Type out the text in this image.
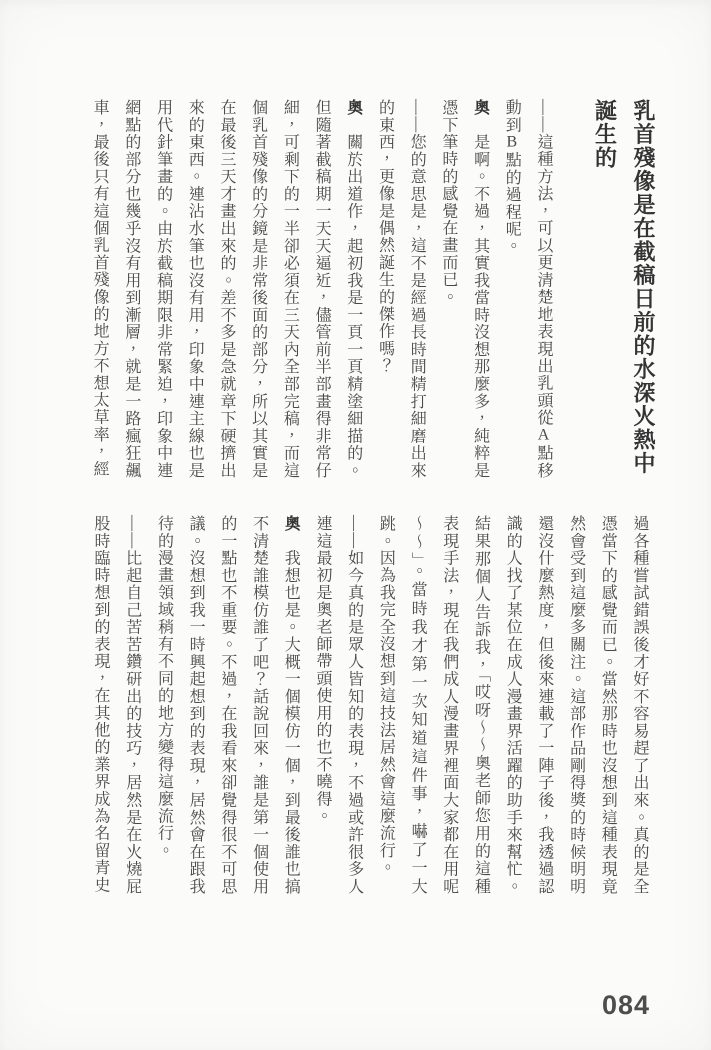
乳首殘像是在截稿日前的水深火熱中誕生的

——這種方法，可以更清楚地表現出乳頭從A點移動到B點的過程呢。

奧　是啊。不過，其實我當時沒想那麼多，純粹是憑下筆時的感覺在畫而已。

——您的意思是，這不是經過長時間精打細磨出來的東西，更像是偶然誕生的傑作嗎？

奧　關於出道作，起初我是一頁一頁精塗細描的。但隨著截稿期一天天逼近，儘管前半部畫得非常仔細，可剩下的一半卻必須在三天內全部完稿，而這個乳首殘像的分鏡是非常後面的部分，所以其實是在最後三天才畫出來的。差不多是急就章下硬擠出來的東西。連沾水筆也沒有用，印象中連主線也是用代針筆畫的。由於截稿期限非常緊迫，印象中連網點的部分也幾乎沒有用到漸層，就是一路瘋狂飆車，最後只有這個乳首殘像的地方不想太草率，經

過各種嘗試錯誤後才好不容易趕了出來。真的是全憑當下的感覺而已。當然那時也沒想到這種表現竟然會受到這麼多關注。這部作品剛得獎的時候明明還沒什麼熱度，但後來連載了一陣子後，我透過認識的人找了某位在成人漫畫界活躍的助手來幫忙。結果那個人告訴我，「哎呀～～奧老師您用的這種表現手法，現在我們成人漫畫界裡面大家都在用呢～～」。當時我才第一次知道這件事，嚇了一大跳。因為我完全沒想到這技法居然會這麼流行。

——如今真的是眾人皆知的表現，不過或許很多人連這最初是奧老師帶頭使用的也不曉得。

奧　我想也是。大概一個模仿一個，到最後誰也搞不清楚誰模仿誰了吧？話說回來，誰是第一個使用的一點也不重要。不過，在我看來卻覺得很不可思議。沒想到我一時興起想到的表現，居然會在跟我待的漫畫領域稍有不同的地方變得這麼流行。

——比起自己苦苦鑽研出的技巧，居然是在火燒屁股時臨時想到的表現，在其他的業界成為名留青史

084
